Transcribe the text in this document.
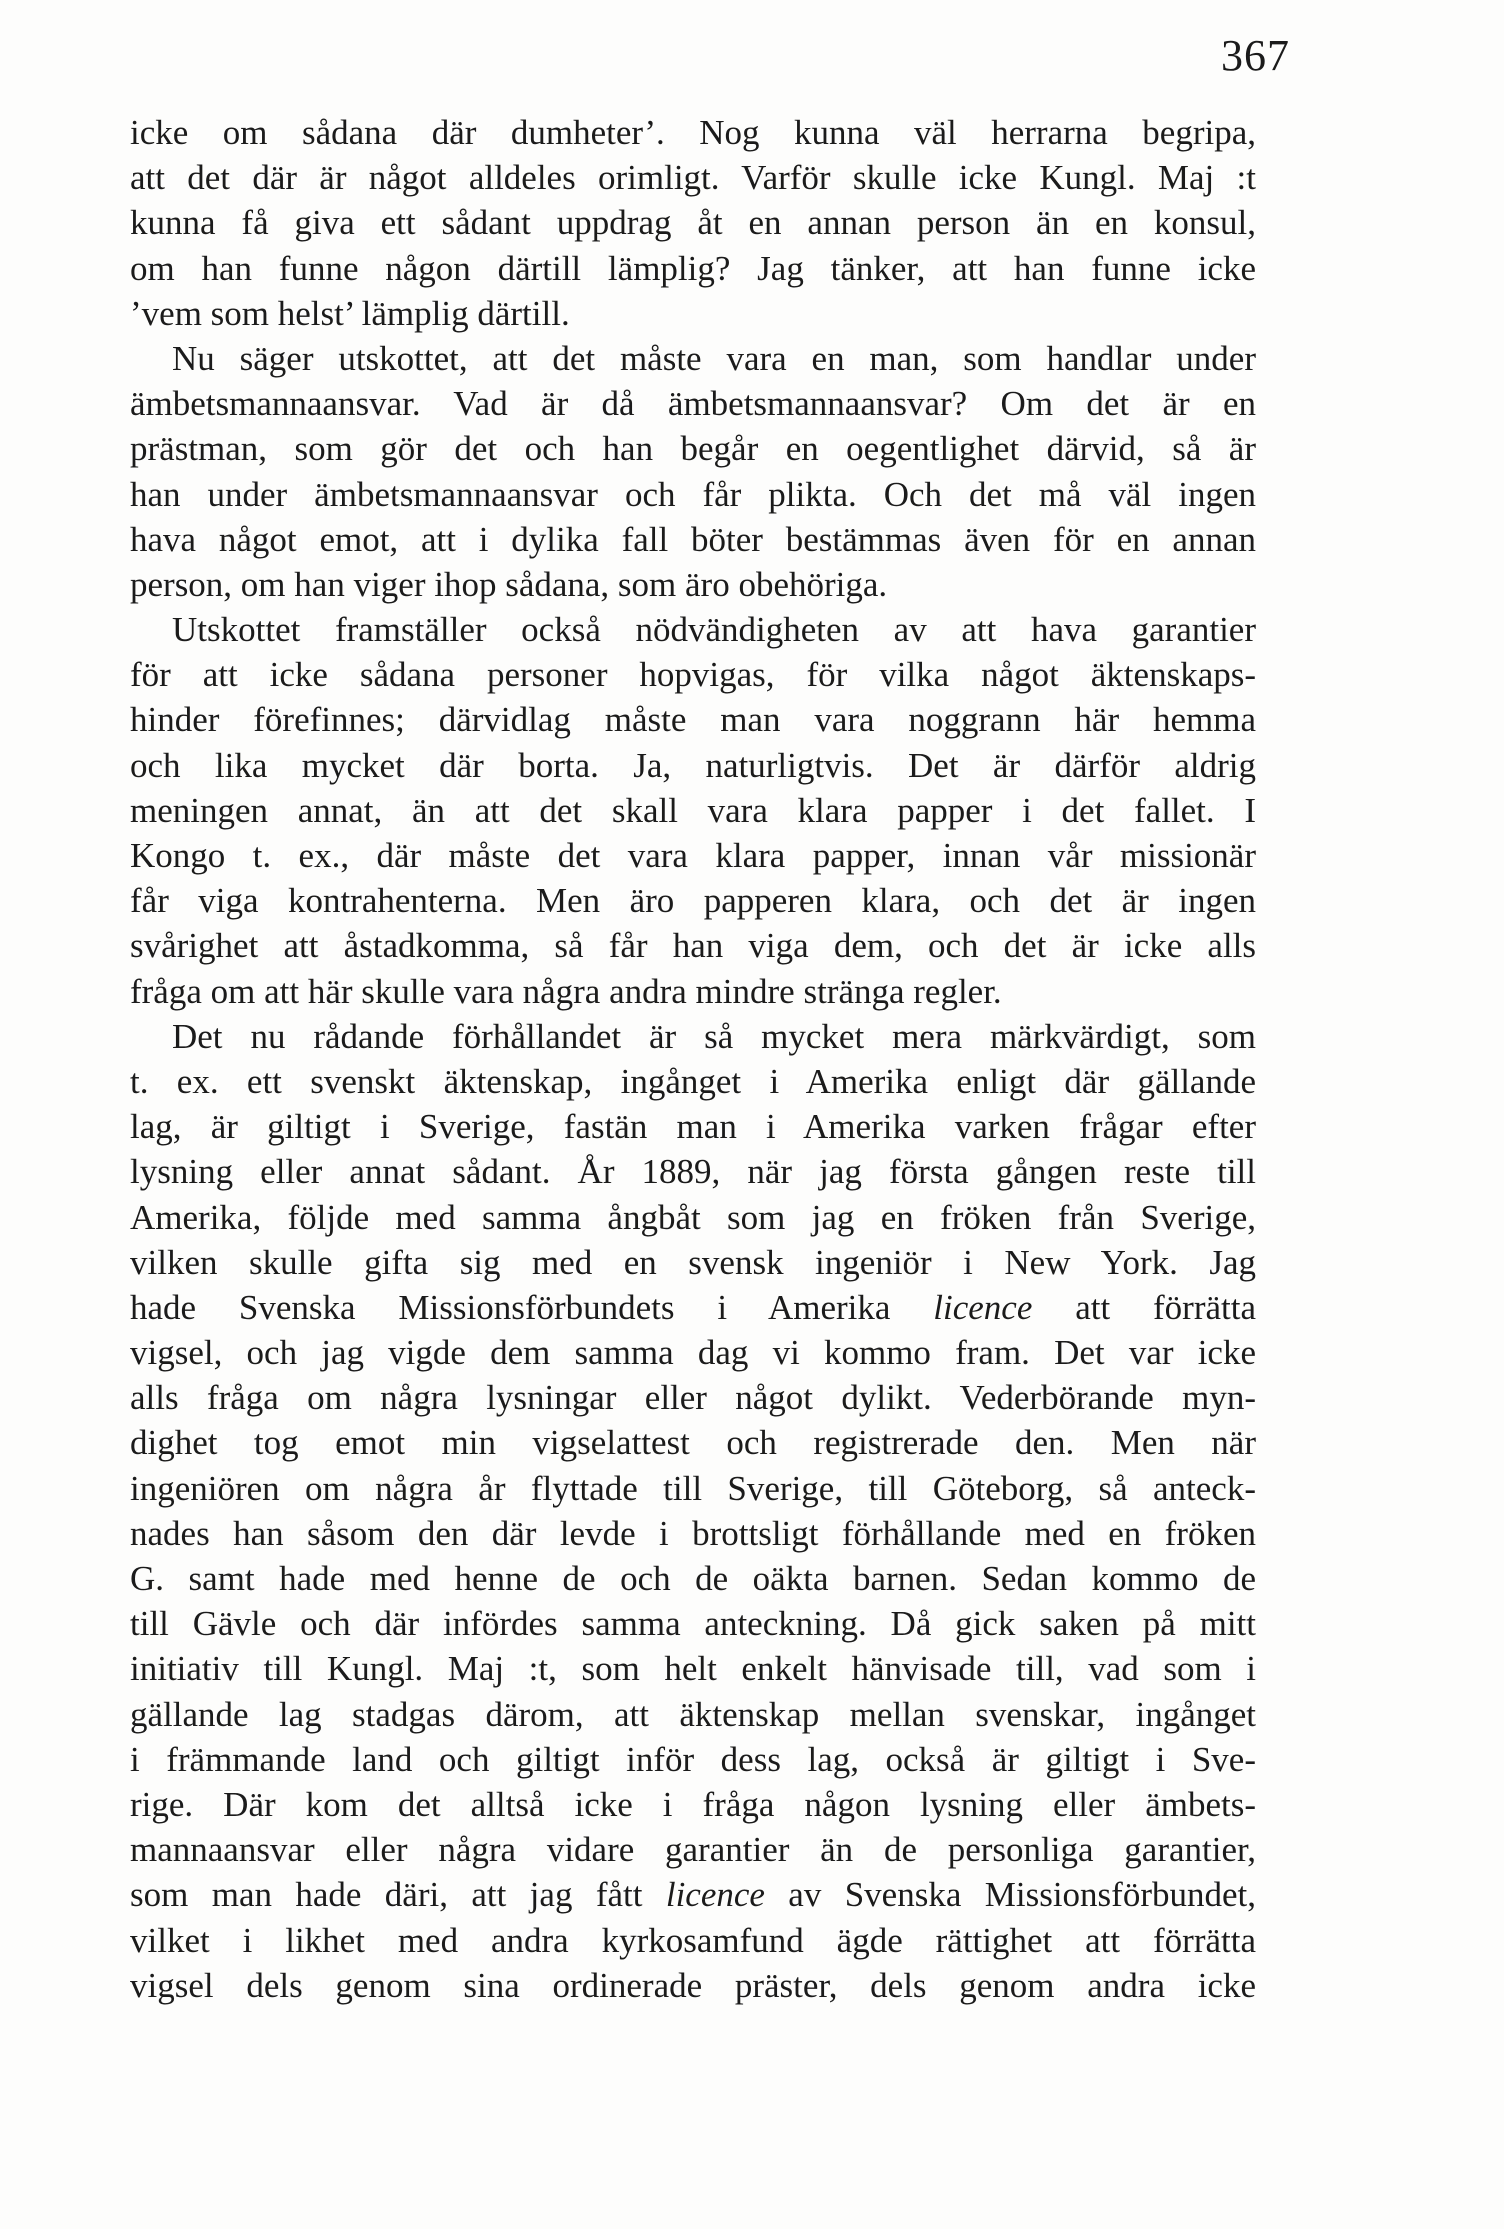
367
icke om sådana där dumheter’. Nog kunna väl herrarna begripa,
att det där är något alldeles orimligt. Varför skulle icke Kungl. Maj :t
kunna få giva ett sådant uppdrag åt en annan person än en konsul,
om han funne någon därtill lämplig? Jag tänker, att han funne icke
’vem som helst’ lämplig därtill.
Nu säger utskottet, att det måste vara en man, som handlar under
ämbetsmannaansvar. Vad är då ämbetsmannaansvar? Om det är en
prästman, som gör det och han begår en oegentlighet därvid, så är
han under ämbetsmannaansvar och får plikta. Och det må väl ingen
hava något emot, att i dylika fall böter bestämmas även för en annan
person, om han viger ihop sådana, som äro obehöriga.
Utskottet framställer också nödvändigheten av att hava garantier
för att icke sådana personer hopvigas, för vilka något äktenskaps-
hinder förefinnes; därvidlag måste man vara noggrann här hemma
och lika mycket där borta. Ja, naturligtvis. Det är därför aldrig
meningen annat, än att det skall vara klara papper i det fallet. I
Kongo t. ex., där måste det vara klara papper, innan vår missionär
får viga kontrahenterna. Men äro papperen klara, och det är ingen
svårighet att åstadkomma, så får han viga dem, och det är icke alls
fråga om att här skulle vara några andra mindre stränga regler.
Det nu rådande förhållandet är så mycket mera märkvärdigt, som
t. ex. ett svenskt äktenskap, ingånget i Amerika enligt där gällande
lag, är giltigt i Sverige, fastän man i Amerika varken frågar efter
lysning eller annat sådant. År 1889, när jag första gången reste till
Amerika, följde med samma ångbåt som jag en fröken från Sverige,
vilken skulle gifta sig med en svensk ingeniör i New York. Jag
hade Svenska Missionsförbundets i Amerika licence att förrätta
vigsel, och jag vigde dem samma dag vi kommo fram. Det var icke
alls fråga om några lysningar eller något dylikt. Vederbörande myn-
dighet tog emot min vigselattest och registrerade den. Men när
ingeniören om några år flyttade till Sverige, till Göteborg, så anteck-
nades han såsom den där levde i brottsligt förhållande med en fröken
G. samt hade med henne de och de oäkta barnen. Sedan kommo de
till Gävle och där infördes samma anteckning. Då gick saken på mitt
initiativ till Kungl. Maj :t, som helt enkelt hänvisade till, vad som i
gällande lag stadgas därom, att äktenskap mellan svenskar, ingånget
i främmande land och giltigt inför dess lag, också är giltigt i Sve-
rige. Där kom det alltså icke i fråga någon lysning eller ämbets-
mannaansvar eller några vidare garantier än de personliga garantier,
som man hade däri, att jag fått licence av Svenska Missionsförbundet,
vilket i likhet med andra kyrkosamfund ägde rättighet att förrätta
vigsel dels genom sina ordinerade präster, dels genom andra icke
